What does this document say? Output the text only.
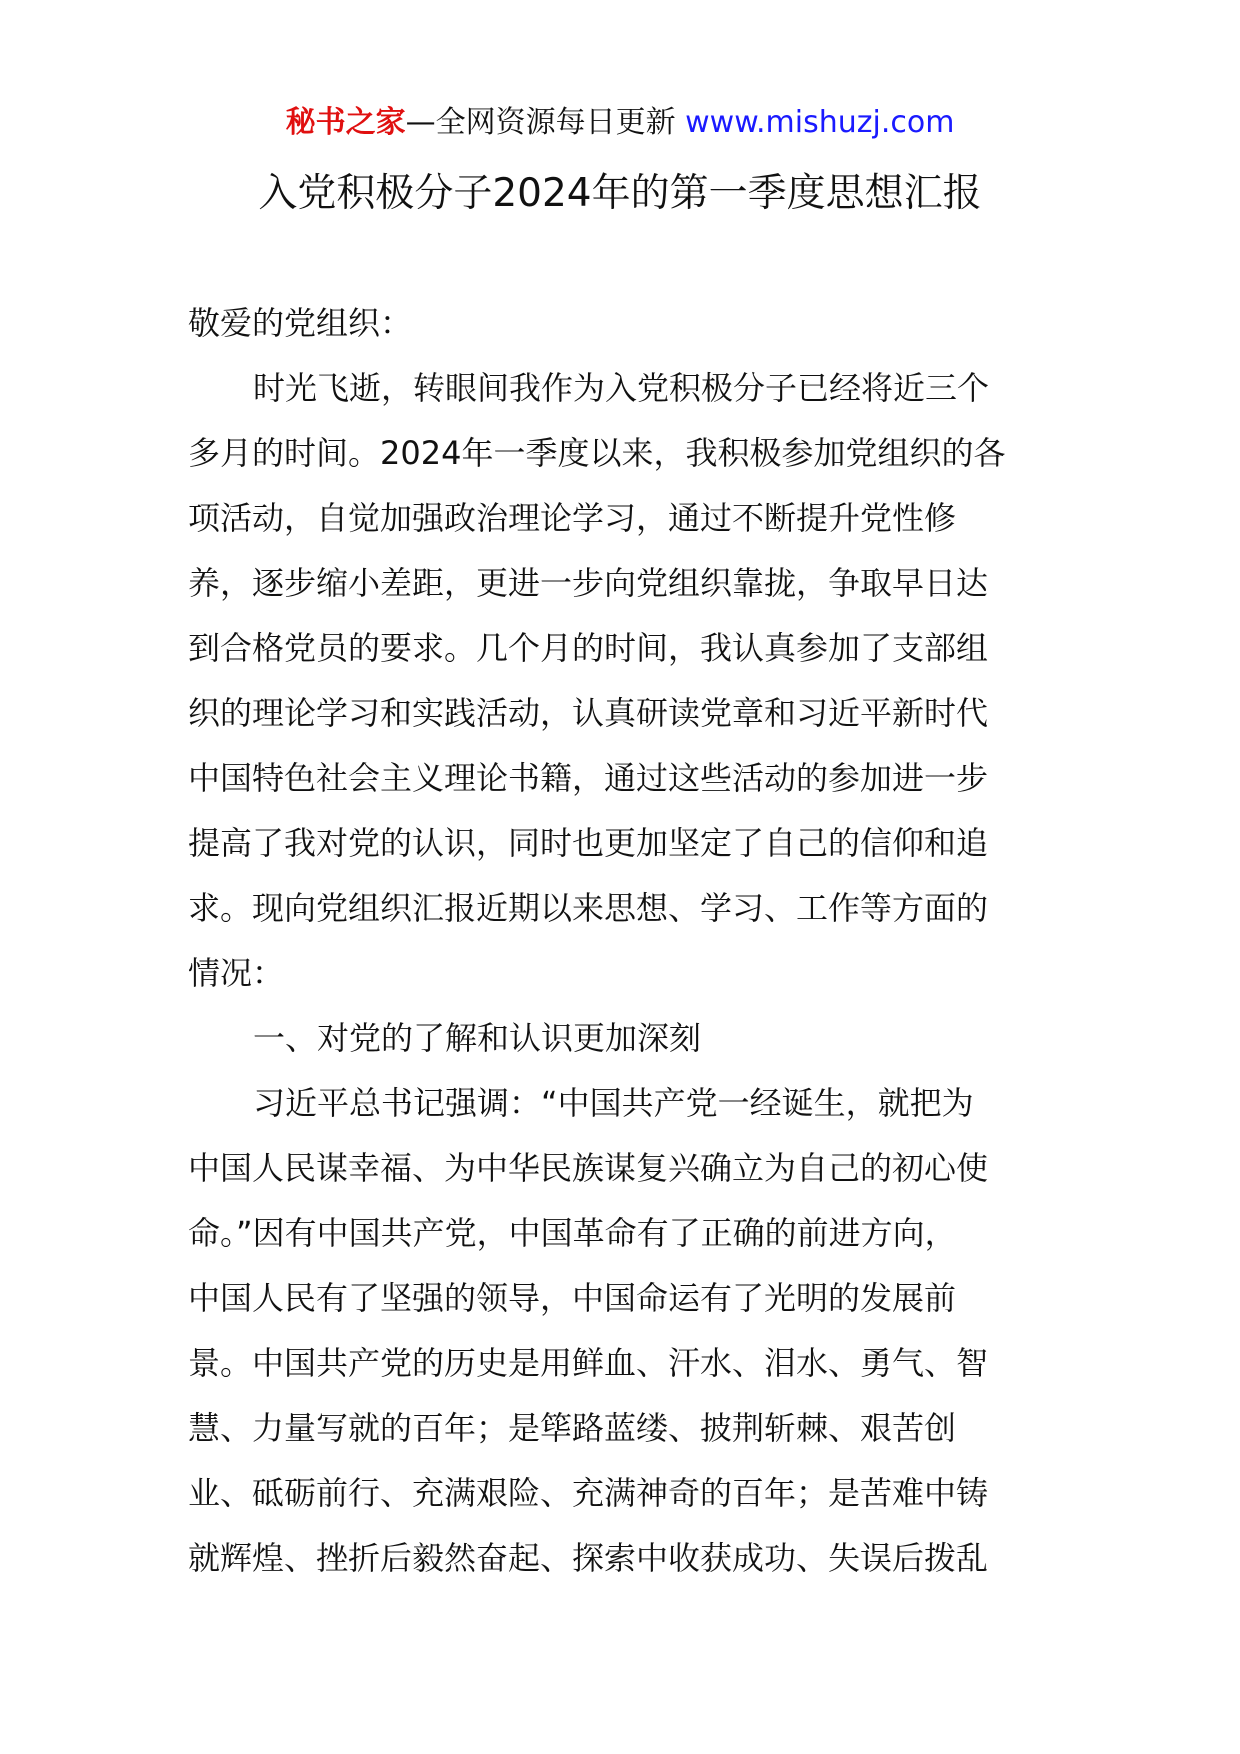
秘书之家—全网资源每日更新 www.mishuzj.com
入党积极分子2024年的第一季度思想汇报
敬爱的党组织：
时光飞逝，转眼间我作为入党积极分子已经将近三个
多月的时间。2024年一季度以来，我积极参加党组织的各
项活动，自觉加强政治理论学习，通过不断提升党性修
养，逐步缩小差距，更进一步向党组织靠拢，争取早日达
到合格党员的要求。几个月的时间，我认真参加了支部组
织的理论学习和实践活动，认真研读党章和习近平新时代
中国特色社会主义理论书籍，通过这些活动的参加进一步
提高了我对党的认识，同时也更加坚定了自己的信仰和追
求。现向党组织汇报近期以来思想、学习、工作等方面的
情况：
一、对党的了解和认识更加深刻
习近平总书记强调：“中国共产党一经诞生，就把为
中国人民谋幸福、为中华民族谋复兴确立为自己的初心使
命。”因有中国共产党，中国革命有了正确的前进方向，
中国人民有了坚强的领导，中国命运有了光明的发展前
景。中国共产党的历史是用鲜血、汗水、泪水、勇气、智
慧、力量写就的百年；是筚路蓝缕、披荆斩棘、艰苦创
业、砥砺前行、充满艰险、充满神奇的百年；是苦难中铸
就辉煌、挫折后毅然奋起、探索中收获成功、失误后拨乱
